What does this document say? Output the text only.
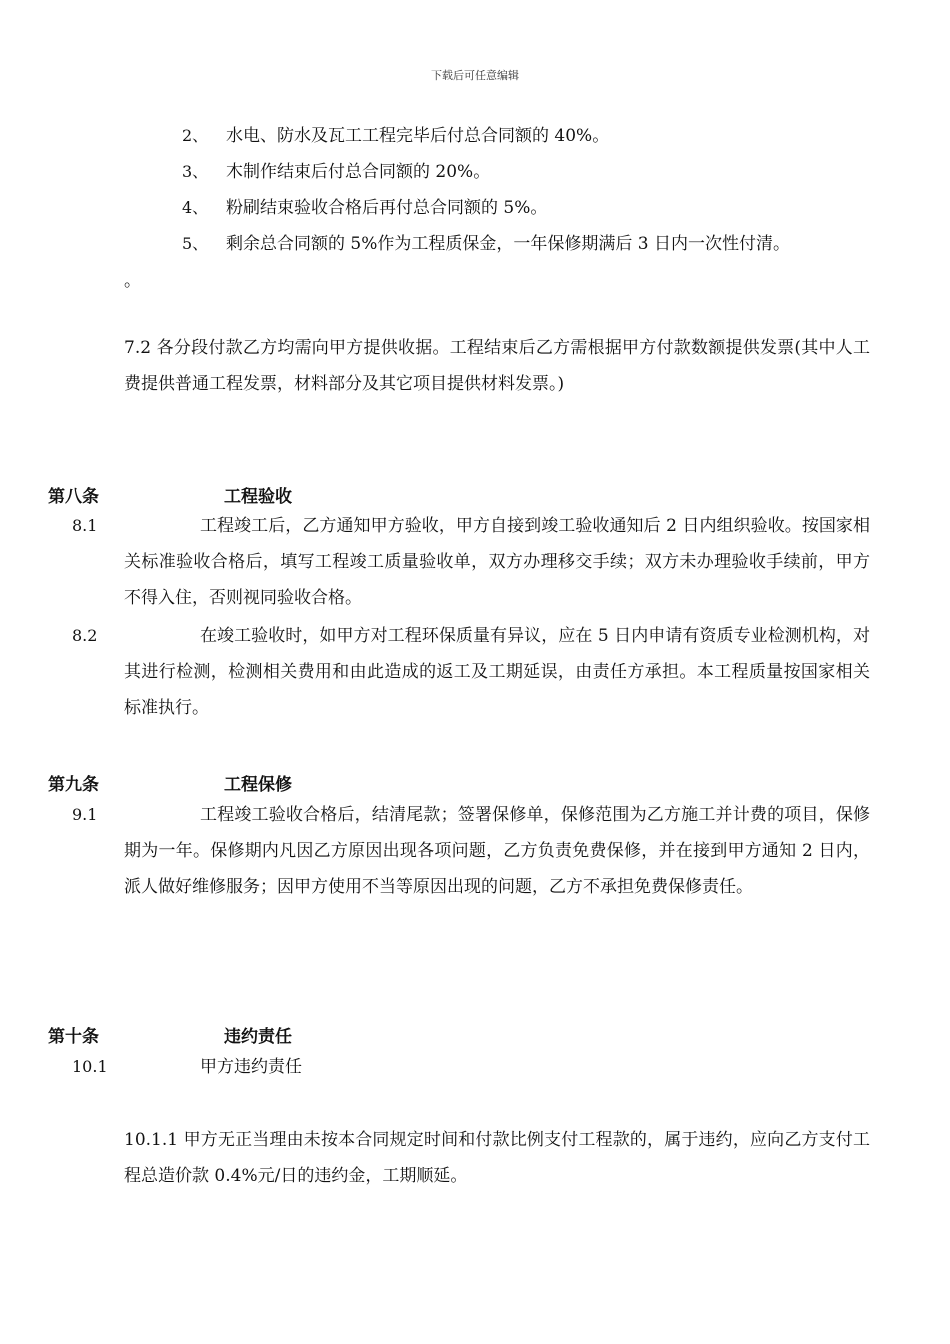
下载后可任意编辑
2、 水电、防水及瓦工工程完毕后付总合同额的 40%。
3、 木制作结束后付总合同额的 20%。
4、 粉刷结束验收合格后再付总合同额的 5%。
5、 剩余总合同额的 5%作为工程质保金，一年保修期满后 3 日内一次性付清。
。
7.2 各分段付款乙方均需向甲方提供收据。工程结束后乙方需根据甲方付款数额提供发票(其中人工费提供普通工程发票，材料部分及其它项目提供材料发票。)
第八条	工程验收
8.1	工程竣工后，乙方通知甲方验收，甲方自接到竣工验收通知后 2 日内组织验收。按国家相关标准验收合格后，填写工程竣工质量验收单，双方办理移交手续；双方未办理验收手续前，甲方不得入住，否则视同验收合格。
8.2	在竣工验收时，如甲方对工程环保质量有异议，应在 5 日内申请有资质专业检测机构，对其进行检测，检测相关费用和由此造成的返工及工期延误，由责任方承担。本工程质量按国家相关标准执行。
第九条	工程保修
9.1	工程竣工验收合格后，结清尾款；签署保修单，保修范围为乙方施工并计费的项目，保修期为一年。保修期内凡因乙方原因出现各项问题，乙方负责免费保修，并在接到甲方通知 2 日内，派人做好维修服务；因甲方使用不当等原因出现的问题，乙方不承担免费保修责任。
第十条	违约责任
10.1	甲方违约责任
10.1.1 甲方无正当理由未按本合同规定时间和付款比例支付工程款的，属于违约，应向乙方支付工程总造价款 0.4%元/日的违约金，工期顺延。
